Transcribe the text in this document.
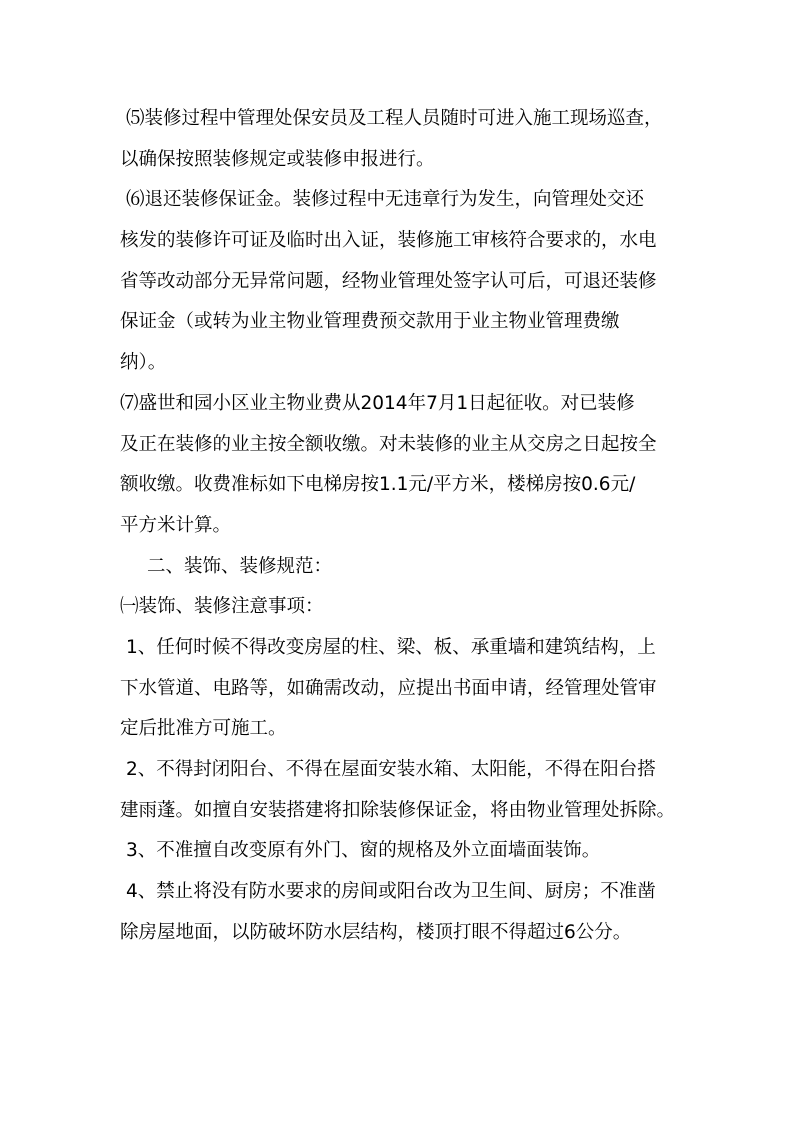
⑸装修过程中管理处保安员及工程人员随时可进入施工现场巡查，
以确保按照装修规定或装修申报进行。
⑹退还装修保证金。装修过程中无违章行为发生，向管理处交还
核发的装修许可证及临时出入证，装修施工审核符合要求的，水电
省等改动部分无异常问题，经物业管理处签字认可后，可退还装修
保证金（或转为业主物业管理费预交款用于业主物业管理费缴
纳）。
⑺盛世和园小区业主物业费从2014年7月1日起征收。对已装修
及正在装修的业主按全额收缴。对未装修的业主从交房之日起按全
额收缴。收费准标如下电梯房按1.1元/平方米，楼梯房按0.6元/
平方米计算。
二、装饰、装修规范：
㈠装饰、装修注意事项：
1、任何时候不得改变房屋的柱、梁、板、承重墙和建筑结构，上
下水管道、电路等，如确需改动，应提出书面申请，经管理处管审
定后批准方可施工。
2、不得封闭阳台、不得在屋面安装水箱、太阳能，不得在阳台搭
建雨蓬。如擅自安装搭建将扣除装修保证金，将由物业管理处拆除。
3、不准擅自改变原有外门、窗的规格及外立面墙面装饰。
4、禁止将没有防水要求的房间或阳台改为卫生间、厨房；不准凿
除房屋地面，以防破坏防水层结构，楼顶打眼不得超过6公分。
